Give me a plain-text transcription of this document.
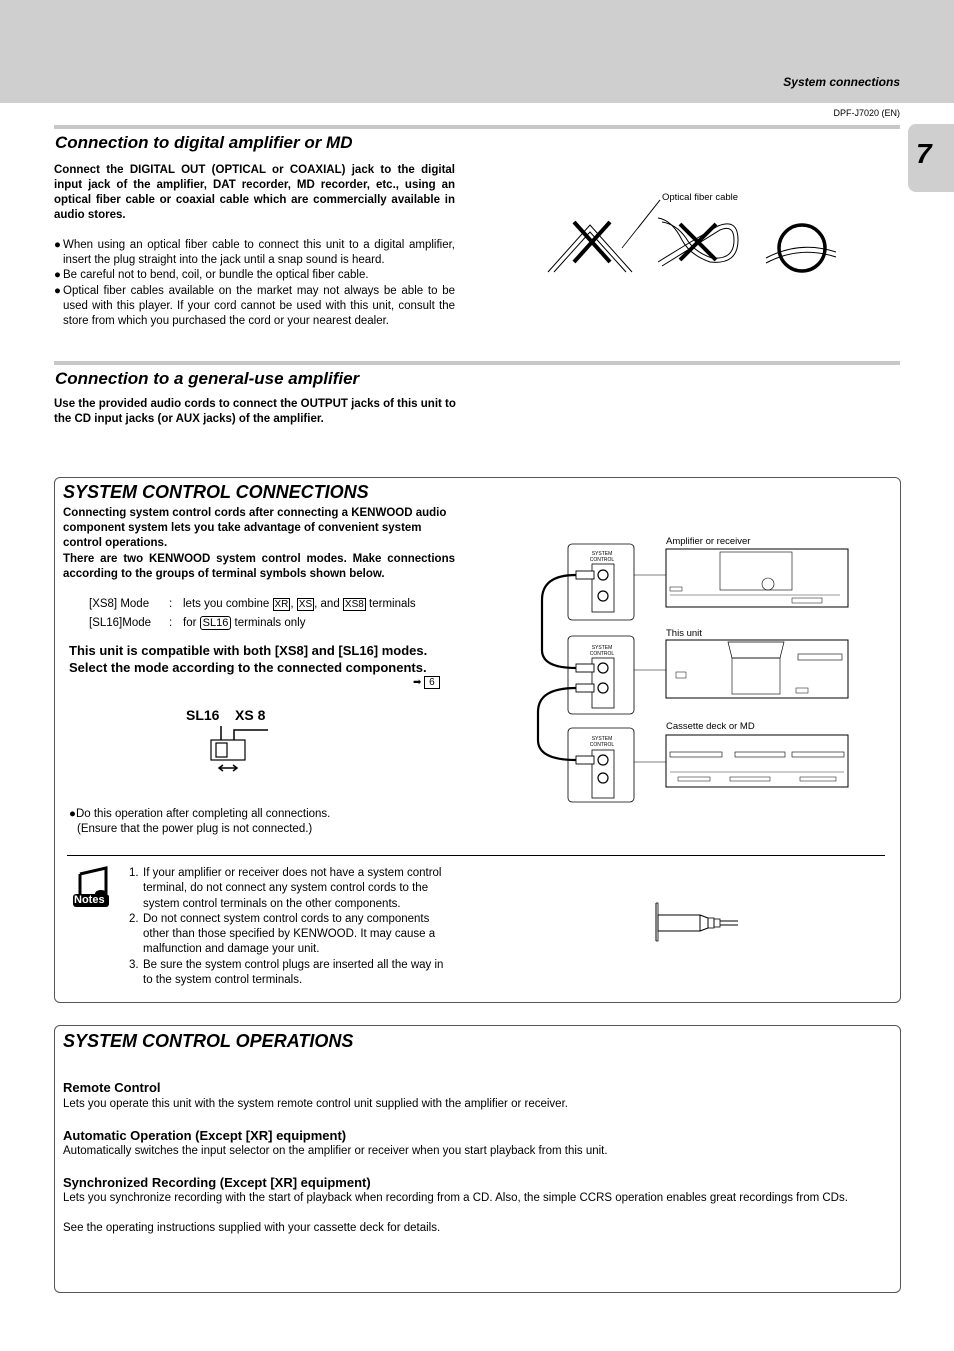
System connections
DPF-J7020 (EN)
7
Connection to digital amplifier or MD
Connect the DIGITAL OUT (OPTICAL or COAXIAL) jack to the digital input jack of the amplifier, DAT recorder, MD recorder, etc., using an optical fiber cable or coaxial cable which are commercially available in audio stores.
● When using an optical fiber cable to connect this unit to a digital amplifier, insert the plug straight into the jack until a snap sound is heard.
● Be careful not to bend, coil, or bundle the optical fiber cable.
● Optical fiber cables available on the market may not always be able to be used with this player. If your cord cannot be used with this unit, consult the store from which you purchased the cord or your nearest dealer.
Optical fiber cable
Connection to a general-use amplifier
Use the provided audio cords to connect the OUTPUT jacks of this unit to the CD input jacks (or AUX jacks) of the amplifier.
SYSTEM CONTROL CONNECTIONS
Connecting system control cords after connecting a KENWOOD audio component system lets you take advantage of convenient system control operations.
There are two KENWOOD system control modes. Make connections according to the groups of terminal symbols shown below.
[XS8] Mode	:	lets you combine XR , XS , and XS8 terminals
[SL16]Mode	:	for SL16 terminals only
This unit is compatible with both [XS8] and [SL16] modes. Select the mode according to the connected components.
➡ 6
SL16 XS 8
●Do this operation after completing all connections.
(Ensure that the power plug is not connected.)
Amplifier or receiver
This unit
Cassette deck or MD
SYSTEM
CONTROL
SYSTEM
CONTROL
SYSTEM
CONTROL
Notes
1. If your amplifier or receiver does not have a system control terminal, do not connect any system control cords to the system control terminals on the other components.
2. Do not connect system control cords to any components other than those specified by KENWOOD. It may cause a malfunction and damage your unit.
3. Be sure the system control plugs are inserted all the way in to the system control terminals.
SYSTEM CONTROL OPERATIONS
Remote Control
Lets you operate this unit with the system remote control unit supplied with the amplifier or receiver.
Automatic Operation (Except [XR] equipment)
Automatically switches the input selector on the amplifier or receiver when you start playback from this unit.
Synchronized Recording (Except [XR] equipment)
Lets you synchronize recording with the start of playback when recording from a CD. Also, the simple CCRS operation enables great recordings from CDs.
See the operating instructions supplied with your cassette deck for details.
